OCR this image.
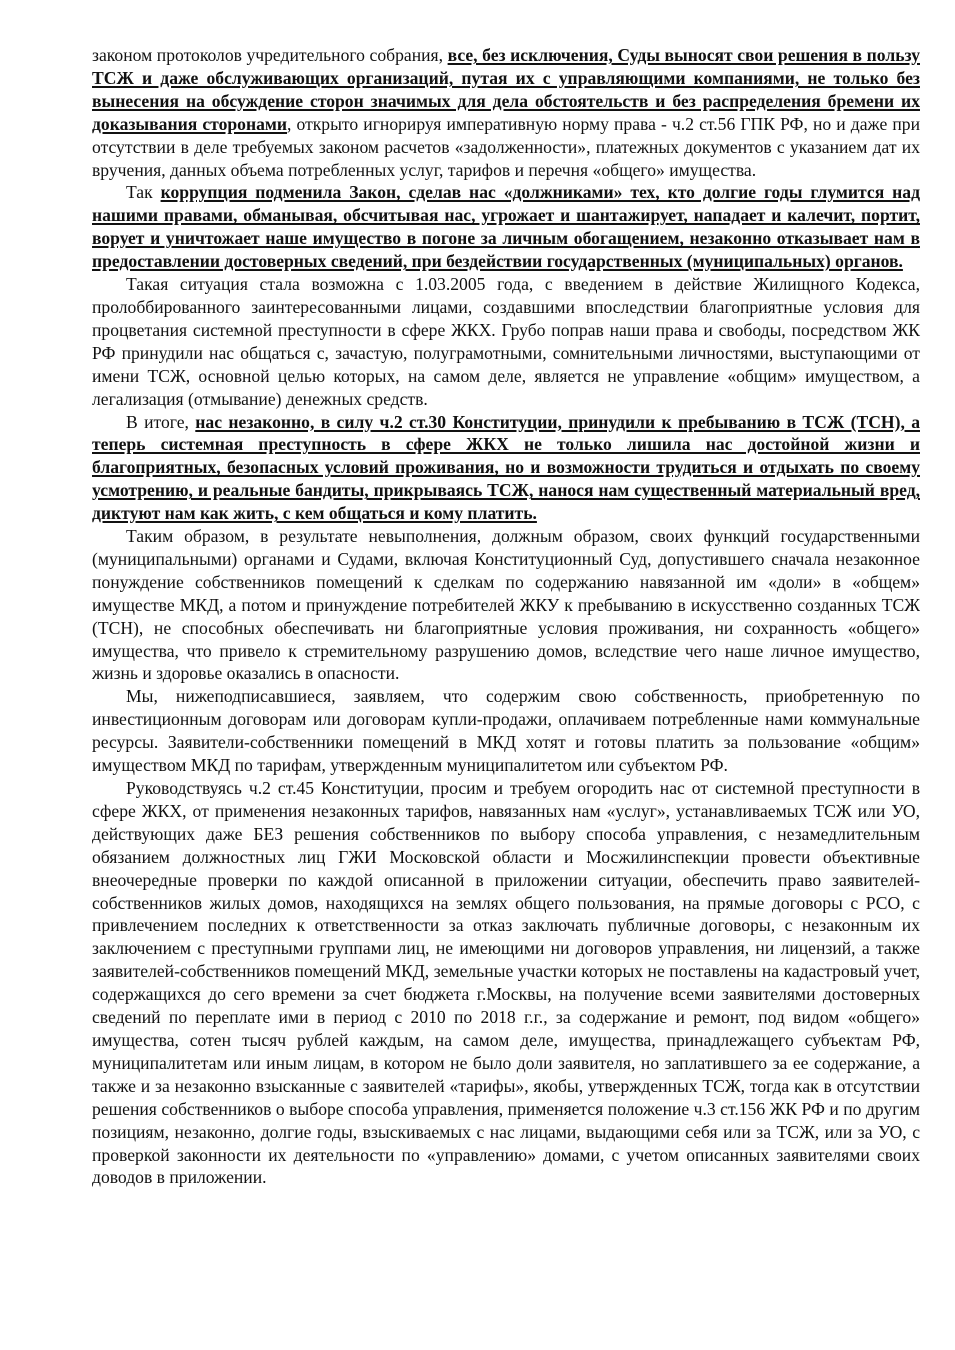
законом протоколов учредительного собрания, все, без исключения, Суды выносят свои решения в пользу ТСЖ и даже обслуживающих организаций, путая их с управляющими компаниями, не только без вынесения на обсуждение сторон значимых для дела обстоятельств и без распределения бремени их доказывания сторонами, открыто игнорируя императивную норму права - ч.2 ст.56 ГПК РФ, но и даже при отсутствии в деле требуемых законом расчетов «задолженности», платежных документов с указанием дат их вручения, данных объема потребленных услуг, тарифов и перечня «общего» имущества.

Так коррупция подменила Закон, сделав нас «должниками» тех, кто долгие годы глумится над нашими правами, обманывая, обсчитывая нас, угрожает и шантажирует, нападает и калечит, портит, ворует и уничтожает наше имущество в погоне за личным обогащением, незаконно отказывает нам в предоставлении достоверных сведений, при бездействии государственных (муниципальных) органов.

Такая ситуация стала возможна с 1.03.2005 года, с введением в действие Жилищного Кодекса, пролоббированного заинтересованными лицами, создавшими впоследствии благоприятные условия для процветания системной преступности в сфере ЖКХ. Грубо поправ наши права и свободы, посредством ЖК РФ принудили нас общаться с, зачастую, полуграмотными, сомнительными личностями, выступающими от имени ТСЖ, основной целью которых, на самом деле, является не управление «общим» имуществом, а легализация (отмывание) денежных средств.

В итоге, нас незаконно, в силу ч.2 ст.30 Конституции, принудили к пребыванию в ТСЖ (ТСН), а теперь системная преступность в сфере ЖКХ не только лишила нас достойной жизни и благоприятных, безопасных условий проживания, но и возможности трудиться и отдыхать по своему усмотрению, и реальные бандиты, прикрываясь ТСЖ, нанося нам существенный материальный вред, диктуют нам как жить, с кем общаться и кому платить.

Таким образом, в результате невыполнения, должным образом, своих функций государственными (муниципальными) органами и Судами, включая Конституционный Суд, допустившего сначала незаконное понуждение собственников помещений к сделкам по содержанию навязанной им «доли» в «общем» имуществе МКД, а потом и принуждение потребителей ЖКУ к пребыванию в искусственно созданных ТСЖ (ТСН), не способных обеспечивать ни благоприятные условия проживания, ни сохранность «общего» имущества, что привело к стремительному разрушению домов, вследствие чего наше личное имущество, жизнь и здоровье оказались в опасности.

Мы, нижеподписавшиеся, заявляем, что содержим свою собственность, приобретенную по инвестиционным договорам или договорам купли-продажи, оплачиваем потребленные нами коммунальные ресурсы. Заявители-собственники помещений в МКД хотят и готовы платить за пользование «общим» имуществом МКД по тарифам, утвержденным муниципалитетом или субъектом РФ.

Руководствуясь ч.2 ст.45 Конституции, просим и требуем огородить нас от системной преступности в сфере ЖКХ, от применения незаконных тарифов, навязанных нам «услуг», устанавливаемых ТСЖ или УО, действующих даже БЕЗ решения собственников по выбору способа управления, с незамедлительным обязанием должностных лиц ГЖИ Московской области и Мосжилинспекции провести объективные внеочередные проверки по каждой описанной в приложении ситуации, обеспечить право заявителей-собственников жилых домов, находящихся на землях общего пользования, на прямые договоры с РСО, с привлечением последних к ответственности за отказ заключать публичные договоры, с незаконным их заключением с преступными группами лиц, не имеющими ни договоров управления, ни лицензий, а также заявителей-собственников помещений МКД, земельные участки которых не поставлены на кадастровый учет, содержащихся до сего времени за счет бюджета г.Москвы, на получение всеми заявителями достоверных сведений по переплате ими в период с 2010 по 2018 г.г., за содержание и ремонт, под видом «общего» имущества, сотен тысяч рублей каждым, на самом деле, имущества, принадлежащего субъектам РФ, муниципалитетам или иным лицам, в котором не было доли заявителя, но заплатившего за ее содержание, а также и за незаконно взысканные с заявителей «тарифы», якобы, утвержденных ТСЖ, тогда как в отсутствии решения собственников о выборе способа управления, применяется положение ч.3 ст.156 ЖК РФ и по другим позициям, незаконно, долгие годы, взыскиваемых с нас лицами, выдающими себя или за ТСЖ, или за УО, с проверкой законности их деятельности по «управлению» домами, с учетом описанных заявителями своих доводов в приложении.
